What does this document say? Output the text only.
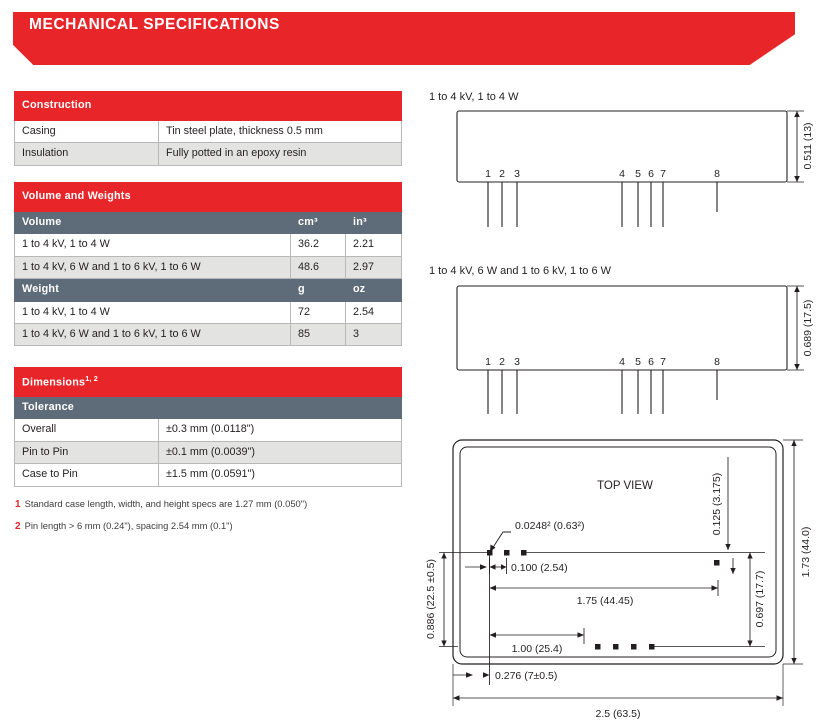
MECHANICAL SPECIFICATIONS
Construction	
Casing	Tin steel plate, thickness 0.5 mm
Insulation	Fully potted in an epoxy resin
Volume and Weights		
Volume	cm³	in³
1 to 4 kV, 1 to 4 W	36.2	2.21
1 to 4 kV, 6 W and 1 to 6 kV, 1 to 6 W	48.6	2.97
Weight	g	oz
1 to 4 kV, 1 to 4 W	72	2.54
1 to 4 kV, 6 W and 1 to 6 kV, 1 to 6 W	85	3
Dimensions$^{1, 2}$
Tolerance	
Overall	±0.3 mm (0.0118")
Pin to Pin	±0.1 mm (0.0039")
Case to Pin	±1.5 mm (0.0591")
1 Standard case length, width, and height specs are 1.27 mm (0.050")
2 Pin length > 6 mm (0.24"), spacing 2.54 mm (0.1")
1 to 4 kV, 1 to 4 W
1 2 3	4 5 6 7	8
0.511 (13)
1 to 4 kV, 6 W and 1 to 6 kV, 1 to 6 W
1 2 3	4 5 6 7	8
0.689 (17.5)
TOP VIEW
0.0248² (0.63²)
0.100 (2.54)
1.75 (44.45)
1.00 (25.4)
0.125 (3.175)
0.697 (17.7)
1.73 (44.0)
0.886 (22.5 ±0.5)
0.276 (7±0.5)
2.5 (63.5)
